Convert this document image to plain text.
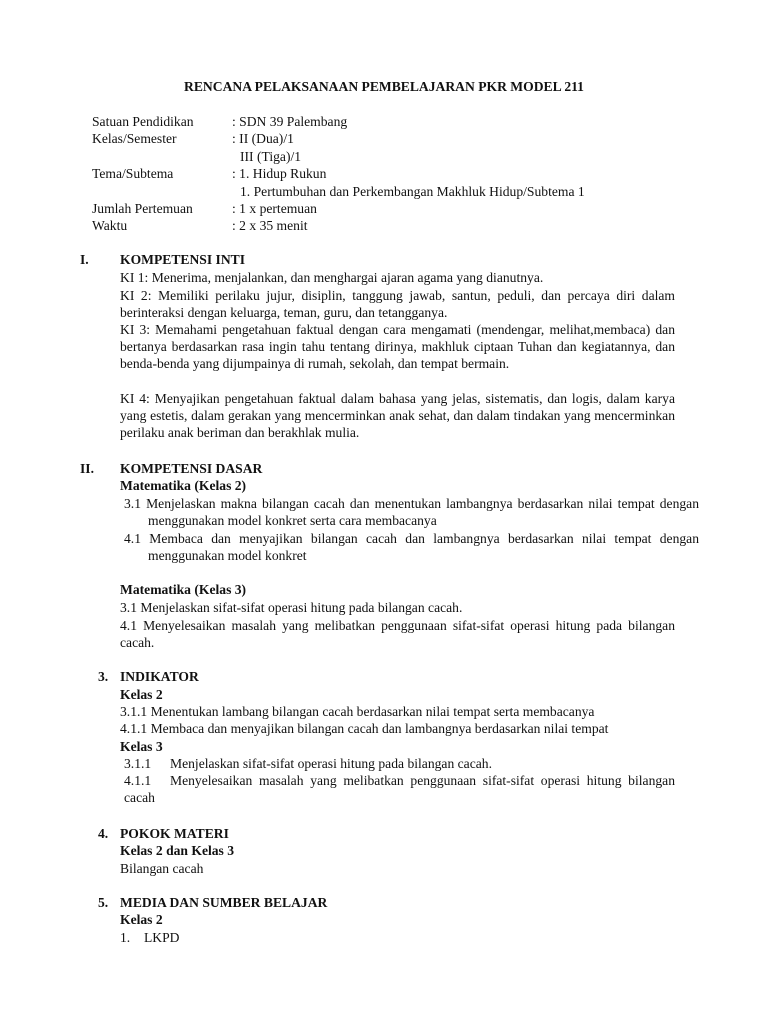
RENCANA PELAKSANAAN PEMBELAJARAN PKR MODEL 211
Satuan Pendidikan	: SDN 39 Palembang
Kelas/Semester	: II (Dua)/1
III (Tiga)/1
Tema/Subtema	: 1. Hidup Rukun
1. Pertumbuhan dan Perkembangan Makhluk Hidup/Subtema 1
Jumlah Pertemuan	: 1 x pertemuan
Waktu	: 2 x 35 menit
I. KOMPETENSI INTI

KI 1: Menerima, menjalankan, dan menghargai ajaran agama yang dianutnya.

KI 2: Memiliki perilaku jujur, disiplin, tanggung jawab, santun, peduli, dan percaya diri dalam berinteraksi dengan keluarga, teman, guru, dan tetangganya.

KI 3: Memahami pengetahuan faktual dengan cara mengamati (mendengar, melihat,membaca) dan bertanya berdasarkan rasa ingin tahu tentang dirinya, makhluk ciptaan Tuhan dan kegiatannya, dan benda-benda yang dijumpainya di rumah, sekolah, dan tempat bermain.

KI 4: Menyajikan pengetahuan faktual dalam bahasa yang jelas, sistematis, dan logis, dalam karya yang estetis, dalam gerakan yang mencerminkan anak sehat, dan dalam tindakan yang mencerminkan perilaku anak beriman dan berakhlak mulia.

II. KOMPETENSI DASAR
Matematika (Kelas 2)

3.1 Menjelaskan makna bilangan cacah dan menentukan lambangnya berdasarkan nilai tempat dengan menggunakan model konkret serta cara membacanya

4.1 Membaca dan menyajikan bilangan cacah dan lambangnya berdasarkan nilai tempat dengan menggunakan model konkret

Matematika (Kelas 3)
3.1 Menjelaskan sifat-sifat operasi hitung pada bilangan cacah.

4.1 Menyelesaikan masalah yang melibatkan penggunaan sifat-sifat operasi hitung pada bilangan cacah.

3. INDIKATOR
Kelas 2
3.1.1 Menentukan lambang bilangan cacah berdasarkan nilai tempat serta membacanya
4.1.1 Membaca dan menyajikan bilangan cacah dan lambangnya berdasarkan nilai tempat
Kelas 3
3.1.1 Menjelaskan sifat-sifat operasi hitung pada bilangan cacah.
4.1.1 Menyelesaikan masalah yang melibatkan penggunaan sifat-sifat operasi hitung bilangan cacah
4. POKOK MATERI
Kelas 2 dan Kelas 3
Bilangan cacah
5. MEDIA DAN SUMBER BELAJAR
Kelas 2
1. LKPD
